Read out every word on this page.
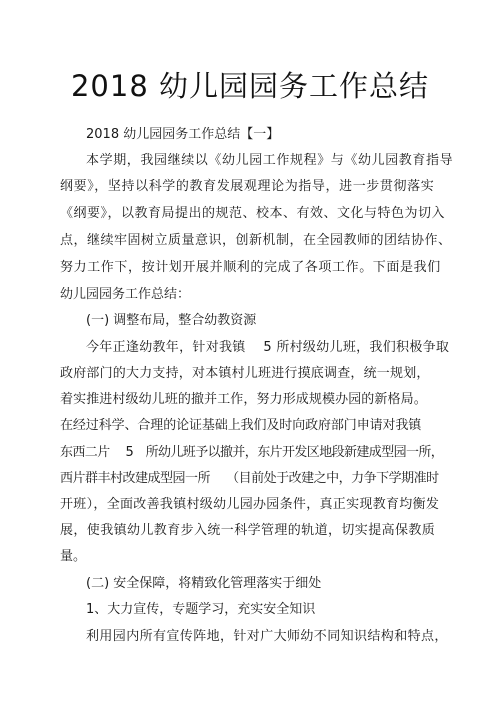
2018 幼儿园园务工作总结
2018 幼儿园园务工作总结【一】
本学期，我园继续以《幼儿园工作规程》与《幼儿园教育指导
纲要》，坚持以科学的教育发展观理论为指导，进一步贯彻落实
《纲要》，以教育局提出的规范、校本、有效、文化与特色为切入
点，继续牢固树立质量意识，创新机制，在全园教师的团结协作、
努力工作下，按计划开展并顺利的完成了各项工作。下面是我们
幼儿园园务工作总结：
(一) 调整布局，整合幼教资源
今年正逢幼教年，针对我镇　 5 所村级幼儿班，我们积极争取
政府部门的大力支持，对本镇村儿班进行摸底调查，统一规划，
着实推进村级幼儿班的撤并工作，努力形成规模办园的新格局。
在经过科学、合理的论证基础上我们及时向政府部门申请对我镇
东西二片　 5　所幼儿班予以撤并，东片开发区地段新建成型园一所，
西片群丰村改建成型园一所　 （目前处于改建之中，力争下学期准时
开班），全面改善我镇村级幼儿园办园条件，真正实现教育均衡发
展，使我镇幼儿教育步入统一科学管理的轨道，切实提高保教质
量。
(二) 安全保障，将精致化管理落实于细处
1、大力宣传，专题学习，充实安全知识
利用园内所有宣传阵地，针对广大师幼不同知识结构和特点，
